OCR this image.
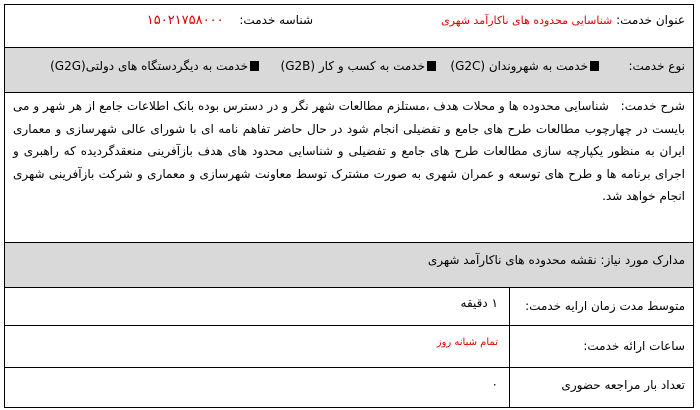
عنوان خدمت: شناسایی محدوده های ناکارآمد شهری
شناسه خدمت: ۱۵۰۲۱۷۵۸۰۰۰
نوع خدمت:
خدمت به شهروندان (G2C)
خدمت به کسب و کار (G2B)
خدمت به دیگردستگاه های دولتی(G2G)
شرح خدمت: شناسایی محدوده ها و محلات هدف ،مستلزم مطالعات شهر نگر و در دسترس بوده بانک اطلاعات جامع از هر شهر و می بایست در چهارچوب مطالعات طرح های جامع و تفضیلی انجام شود در حال حاضر تفاهم نامه ای با شورای عالی شهرسازی و معماری ایران به منظور یکپارچه سازی مطالعات طرح های جامع و تفضیلی و شناسایی محدود های هدف بازآفرینی منعقدگردیده که راهبری و اجرای برنامه ها و طرح های توسعه و عمران شهری به صورت مشترک توسط معاونت شهرسازی و معماری و شرکت بازآفرینی شهری انجام خواهد شد.
مدارک مورد نیاز: نقشه محدوده های ناکارآمد شهری
متوسط مدت زمان ارایه خدمت:
۱ دقیقه
ساعات ارائه خدمت:
تمام شبانه روز
تعداد بار مراجعه حضوری
۰
